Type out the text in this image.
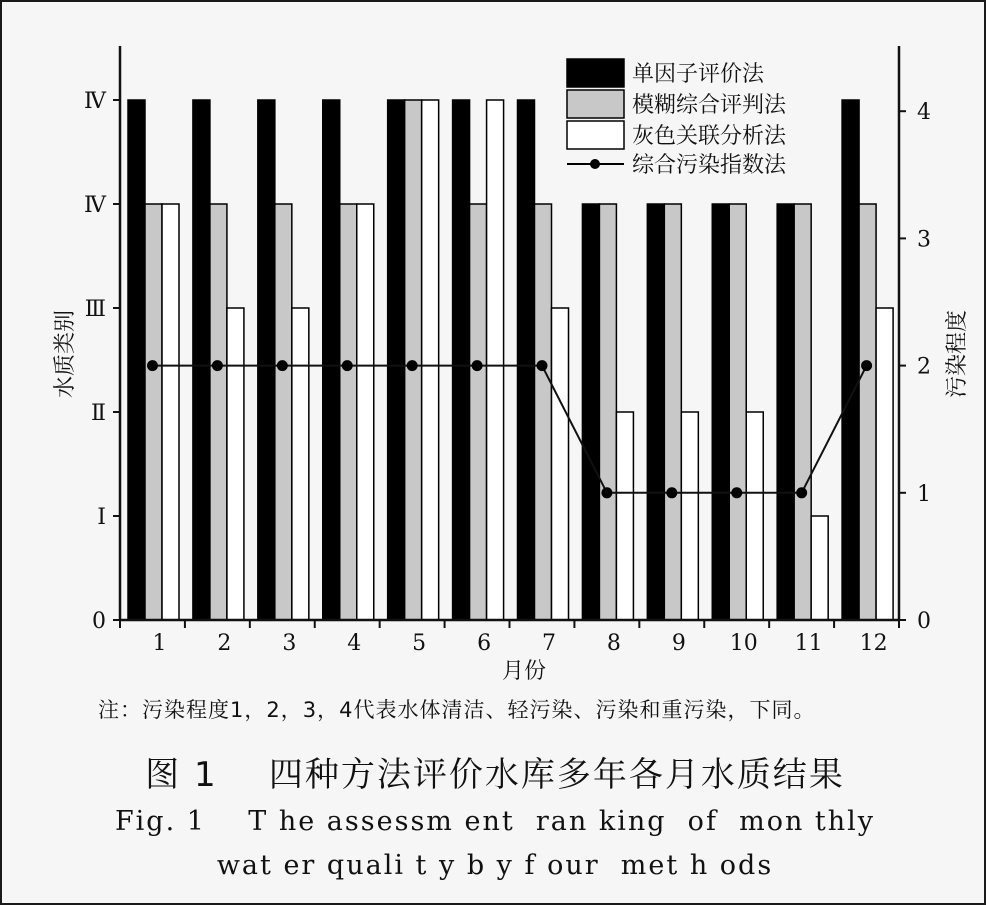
0
Ⅰ
Ⅱ
Ⅲ
Ⅳ
Ⅳ
0
1
2
3
4
1 2 3 4 5 6 7 8 9 10 11 12
月份
水质类别	污染程度
单因子评价法
模糊综合评判法
灰色关联分析法
综合污染指数法
注：污染程度1，2，3，4代表水体清洁、轻污染、污染和重污染，下同。
图 1    四种方法评价水库多年各月水质结果
Fig. 1    T he assessm ent  ran king  of  mon thly
wat er quali t y b y f our  met h ods
